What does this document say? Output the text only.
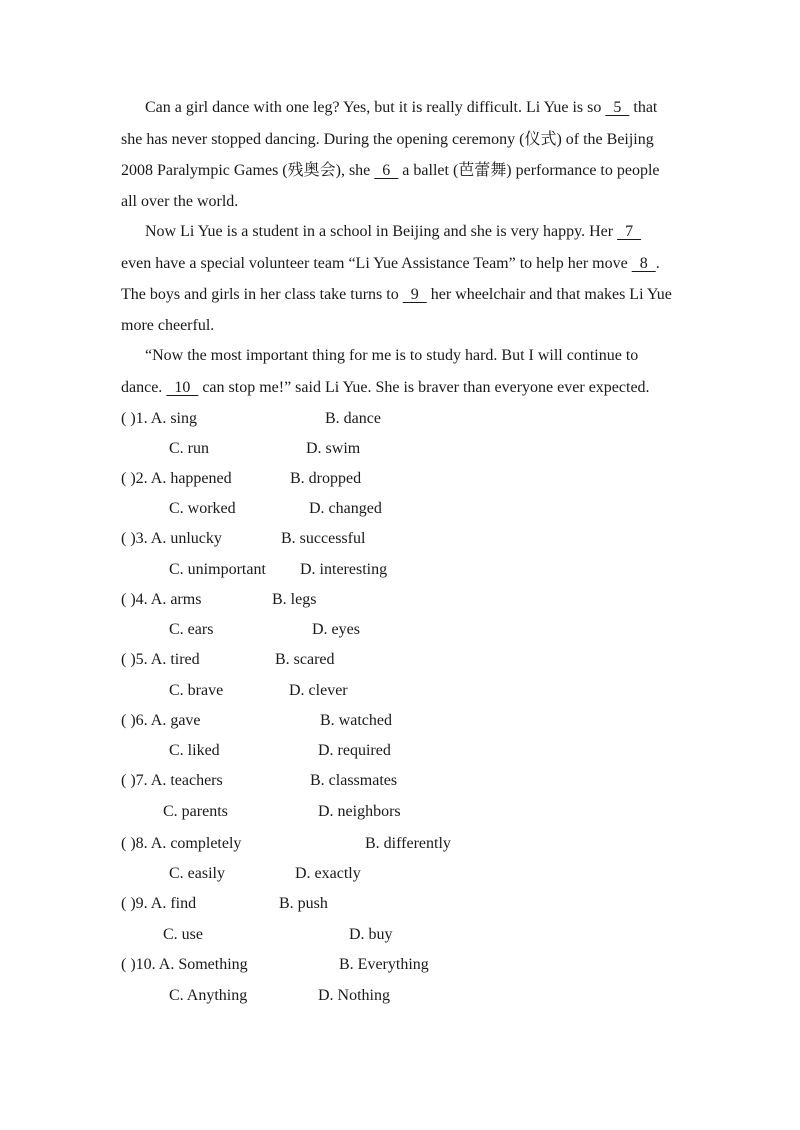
Can a girl dance with one leg? Yes, but it is really difficult. Li Yue is so   5   that
she has never stopped dancing. During the opening ceremony (仪式) of the Beijing
2008 Paralympic Games (残奥会), she   6   a ballet (芭蕾舞) performance to people
all over the world.
Now Li Yue is a student in a school in Beijing and she is very happy. Her   7
even have a special volunteer team “Li Yue Assistance Team” to help her move   8  .
The boys and girls in her class take turns to   9   her wheelchair and that makes Li Yue
more cheerful.
“Now the most important thing for me is to study hard. But I will continue to
dance.   10   can stop me!” said Li Yue. She is braver than everyone ever expected.
( )1. A. sing	B. dance
C. run	D. swim
( )2. A. happened	B. dropped
C. worked	D. changed
( )3. A. unlucky	B. successful
C. unimportant D. interesting
( )4. A. arms	B. legs
C. ears	D. eyes
( )5. A. tired	B. scared
C. brave	D. clever
( )6. A. gave	B. watched
C. liked	D. required
( )7. A. teachers	B. classmates
C. parents	D. neighbors
( )8. A. completely	B. differently
C. easily	D. exactly
( )9. A. find	B. push
C. use	D. buy
( )10. A. Something	B. Everything
C. Anything	D. Nothing
